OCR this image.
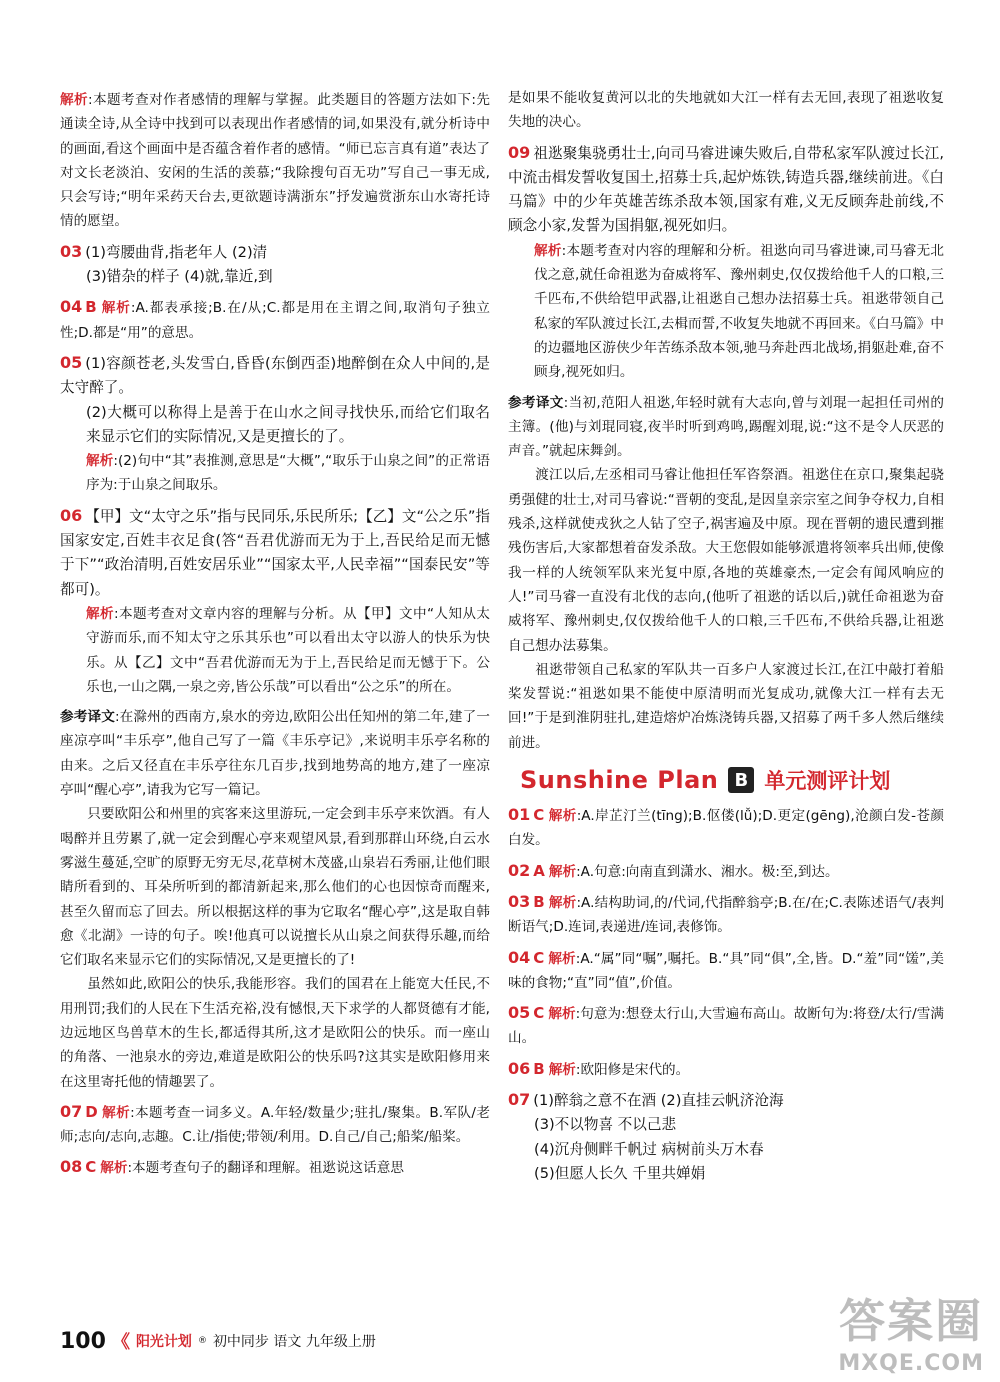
解析:本题考查对作者感情的理解与掌握。此类题目的答题方法如下:先通读全诗,从全诗中找到可以表现出作者感情的词,如果没有,就分析诗中的画面,看这个画面中是否蕴含着作者的感情。“师已忘言真有道”表达了对文长老淡泊、安闲的生活的羡慕;“我除搜句百无功”写自己一事无成,只会写诗;“明年采药天台去,更欲题诗满浙东”抒发遍赏浙东山水寄托诗情的愿望。
03 (1)弯腰曲背,指老年人 (2)清
(3)错杂的样子 (4)就,靠近,到
04 B 解析:A.都表承接;B.在/从;C.都是用在主谓之间,取消句子独立性;D.都是“用”的意思。
05 (1)容颜苍老,头发雪白,昏昏(东倒西歪)地醉倒在众人中间的,是太守醉了。
(2)大概可以称得上是善于在山水之间寻找快乐,而给它们取名来显示它们的实际情况,又是更擅长的了。
解析:(2)句中“其”表推测,意思是“大概”,“取乐于山泉之间”的正常语序为:于山泉之间取乐。
06 【甲】文“太守之乐”指与民同乐,乐民所乐;【乙】文“公之乐”指国家安定,百姓丰衣足食(答“吾君优游而无为于上,吾民给足而无憾于下”“政治清明,百姓安居乐业”“国家太平,人民幸福”“国泰民安”等都可)。
解析:本题考查对文章内容的理解与分析。从【甲】文中“人知从太守游而乐,而不知太守之乐其乐也”可以看出太守以游人的快乐为快乐。从【乙】文中“吾君优游而无为于上,吾民给足而无憾于下。公乐也,一山之隅,一泉之旁,皆公乐哉”可以看出“公之乐”的所在。
参考译文:在滁州的西南方,泉水的旁边,欧阳公出任知州的第二年,建了一座凉亭叫“丰乐亭”,他自己写了一篇《丰乐亭记》,来说明丰乐亭名称的由来。之后又径直在丰乐亭往东几百步,找到地势高的地方,建了一座凉亭叫“醒心亭”,请我为它写一篇记。
只要欧阳公和州里的宾客来这里游玩,一定会到丰乐亭来饮酒。有人喝醉并且劳累了,就一定会到醒心亭来观望风景,看到那群山环绕,白云水雾滋生蔓延,空旷的原野无穷无尽,花草树木茂盛,山泉岩石秀丽,让他们眼睛所看到的、耳朵所听到的都清新起来,那么他们的心也因惊奇而醒来,甚至久留而忘了回去。所以根据这样的事为它取名“醒心亭”,这是取自韩愈《北湖》一诗的句子。唉!他真可以说擅长从山泉之间获得乐趣,而给它们取名来显示它们的实际情况,又是更擅长的了!
虽然如此,欧阳公的快乐,我能形容。我们的国君在上能宽大任民,不用刑罚;我们的人民在下生活充裕,没有憾恨,天下求学的人都贤德有才能,边远地区鸟兽草木的生长,都适得其所,这才是欧阳公的快乐。而一座山的角落、一池泉水的旁边,难道是欧阳公的快乐吗?这其实是欧阳修用来在这里寄托他的情趣罢了。
07 D 解析:本题考查一词多义。A.年轻/数量少;驻扎/聚集。B.军队/老师;志向/志向,志趣。C.让/指使;带领/利用。D.自己/自己;船桨/船桨。
08 C 解析:本题考查句子的翻译和理解。祖逖说这话意思
是如果不能收复黄河以北的失地就如大江一样有去无回,表现了祖逖收复失地的决心。
09 祖逖聚集骁勇壮士,向司马睿进谏失败后,自带私家军队渡过长江,中流击楫发誓收复国土,招募士兵,起炉炼铁,铸造兵器,继续前进。《白马篇》中的少年英雄苦练杀敌本领,国家有难,义无反顾奔赴前线,不顾念小家,发誓为国捐躯,视死如归。
解析:本题考查对内容的理解和分析。祖逖向司马睿进谏,司马睿无北伐之意,就任命祖逖为奋威将军、豫州刺史,仅仅拨给他千人的口粮,三千匹布,不供给铠甲武器,让祖逖自己想办法招募士兵。祖逖带领自己私家的军队渡过长江,去楫而誓,不收复失地就不再回来。《白马篇》中的边疆地区游侠少年苦练杀敌本领,驰马奔赴西北战场,捐躯赴难,奋不顾身,视死如归。
参考译文:当初,范阳人祖逖,年轻时就有大志向,曾与刘琨一起担任司州的主簿。(他)与刘琨同寝,夜半时听到鸡鸣,踢醒刘琨,说:“这不是令人厌恶的声音。”就起床舞剑。
渡江以后,左丞相司马睿让他担任军咨祭酒。祖逖住在京口,聚集起骁勇强健的壮士,对司马睿说:“晋朝的变乱,是因皇亲宗室之间争夺权力,自相残杀,这样就使戎狄之人钻了空子,祸害遍及中原。现在晋朝的遗民遭到摧残伤害后,大家都想着奋发杀敌。大王您假如能够派遣将领率兵出师,使像我一样的人统领军队来光复中原,各地的英雄豪杰,一定会有闻风响应的人!”司马睿一直没有北伐的志向,(他听了祖逖的话以后,)就任命祖逖为奋威将军、豫州刺史,仅仅拨给他千人的口粮,三千匹布,不供给兵器,让祖逖自己想办法募集。
祖逖带领自己私家的军队共一百多户人家渡过长江,在江中敲打着船桨发誓说:“祖逖如果不能使中原清明而光复成功,就像大江一样有去无回!”于是到淮阴驻扎,建造熔炉冶炼浇铸兵器,又招募了两千多人然后继续前进。
Sunshine Plan B 单元测评计划
01 C 解析:A.岸芷汀兰(tīng);B.伛偻(lǚ);D.更定(gēng),沧颜白发-苍颜白发。
02 A 解析:A.句意:向南直到潇水、湘水。极:至,到达。
03 B 解析:A.结构助词,的/代词,代指醉翁亭;B.在/在;C.表陈述语气/表判断语气;D.连词,表递进/连词,表修饰。
04 C 解析:A.“属”同“嘱”,嘱托。B.“具”同“俱”,全,皆。D.“羞”同“馐”,美味的食物;“直”同“值”,价值。
05 C 解析:句意为:想登太行山,大雪遍布高山。故断句为:将登/太行/雪满山。
06 B 解析:欧阳修是宋代的。
07 (1)醉翁之意不在酒 (2)直挂云帆济沧海
(3)不以物喜 不以己悲
(4)沉舟侧畔千帆过 病树前头万木春
(5)但愿人长久 千里共婵娟
100 《 阳光计划 ® 初中同步 语文 九年级上册	答案圈
MXQE.COM
